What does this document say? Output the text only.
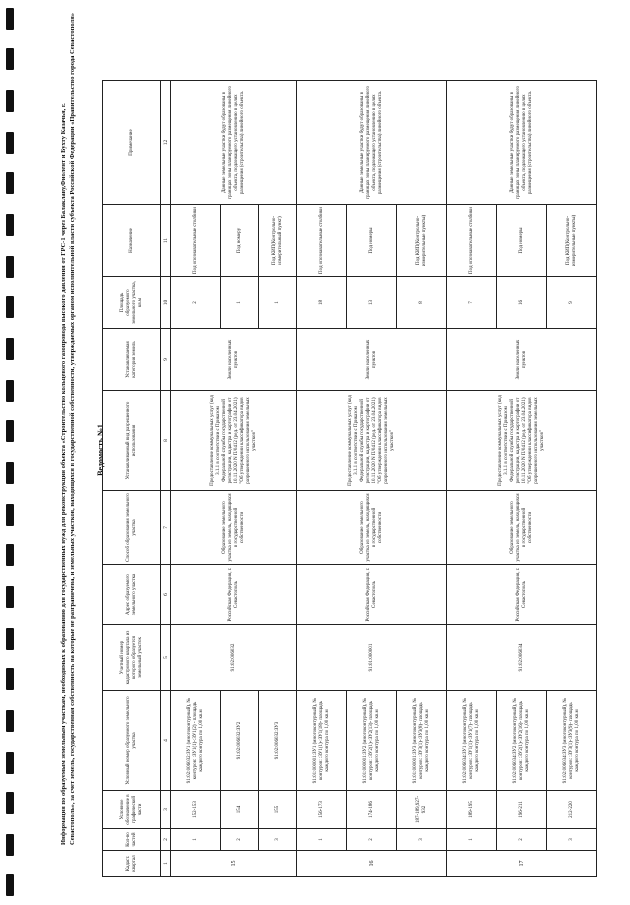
Информация по образуемым земельным участкам, необходимых к образованию для государственных нужд для реконструкции объекта «Строительство кольцевого газопровода высокого давления от ГРС-1 через Балаклаву,Фиолент и Бухту Казачья, г. Севастополь», за счет земель, государственная собственность на которые не разграничена, и земельных участков, находящихся в государственной собственности, утверждаемых органом исполнительной власти субъекта Российской Федерации «Правительство города Севастополя»	Ведомость №1
Кадаст. квартал	Кол-во частей	Условное обозначение в графической части	Условный номер образуемого земельного участка	Учетный номер кадастрового квартала из которого образуется земельный участок	Адрес образуемого земельного участка	Способ образования земельного участка	Устанавливаемый вид разрешенного использования	Устанавливаемая категория земель	Площадь образуемого земельного участка, кв.м	Назначение	Примечание
1	2	3	4	5	6	7	8	9	10	11	12
15	1	152-153	91:02:006032:ЗУ1 (многоконтурный), № контуров: :ЗУ1(1)-:ЗУ1(2) - площадь каждого контура по 1,00 кв.м	91:02:006032	Российская Федерация, г. Севастополь	Образование земельного участка из земель, находящихся в государственной собственности	Предоставление коммунальных услуг (код 3.1.1 в соответствии с Приказом Федеральной службы государственной регистрации, кадастра и картографии от 10.11.2020 N П/0412 (ред. от 23.04.2021) "Об утверждении классификатора видов разрешенного использования земельных участков"	Земли населенных пунктов	2	Под опознавательные столбики	Данные земельные участки будут образованы в границах зоны планируемого размещения линейного объекта, подлежащего установлению в целях размещения (строительства) линейного объекта.
	2	154	91:02:006032:ЗУ2						1	Под номеру	
	3	155	91:02:006032:ЗУ3						1	Под КИП(Контрольно-измерительный пункт)	
16	1	156-173	91:01:000001:ЗУ1 (многоконтурный), № контуров: :ЗУ1(1)-:ЗУ1(18)- площадь каждого контура по 1,00 кв.м	91:01:000001	Российская Федерация, г. Севастополь	Образование земельного участка из земель, находящихся в государственной собственности	Предоставление коммунальных услуг (код 3.1.1 в соответствии с Приказом Федеральной службы государственной регистрации, кадастра и картографии от 10.11.2020 N П/0412 (ред. от 23.04.2021) "Об утверждении классификатора видов разрешенного использования земельных участков"	Земли населенных пунктов	18	Под опознавательные столбики	Данные земельные участки будут образованы в границах зоны планируемого размещения линейного объекта, подлежащего установлению в целях размещения (строительства) линейного объекта.
	2	174-186	91:01:000001:ЗУ2 (многоконтурный), № контуров: :ЗУ2(1)-:ЗУ2(13)- площадь каждого контура по 1,00 кв.м						13	Под номеры	
	3	187-189,927-932	91:01:000001:ЗУ3 (многоконтурный), № контуров: :ЗУ3(1)-:ЗУ3(8)- площадь каждого контура по 1,00 кв.м						8	Под КИП(Контрольно-измерительные пункты)	
17	1	189-195	91:02:006034:ЗУ1 (многоконтурный), № контуров: :ЗУ1(1)-:ЗУ1(7)- площадь каждого контура по 1,00 кв.м	91:02:006034	Российская Федерация, г. Севастополь	Образование земельного участка из земель, находящихся в государственной собственности	Предоставление коммунальных услуг (код 3.1.1 в соответствии с Приказом Федеральной службы государственной регистрации, кадастра и картографии от 10.11.2020 N П/0412 (ред. от 23.04.2021) "Об утверждении классификатора видов разрешенного использования земельных участков"	Земли населенных пунктов	7	Под опознавательные столбики	Данные земельные участки будут образованы в границах зоны планируемого размещения линейного объекта, подлежащего установлению в целях размещения (строительства) линейного объекта.
	2	196-211	91:02:006034:ЗУ2 (многоконтурный), № контуров: :ЗУ2(1)-:ЗУ2(16)- площадь каждого контура по 1,00 кв.м						16	Под номеры	
	3	212-220	91:02:006034:ЗУ3 (многоконтурный), № контуров: :ЗУ3(1)-:ЗУ3(9)- площадь каждого контура по 1,00 кв.м						9	Под КИП(Контрольно-измерительные пункты)	
